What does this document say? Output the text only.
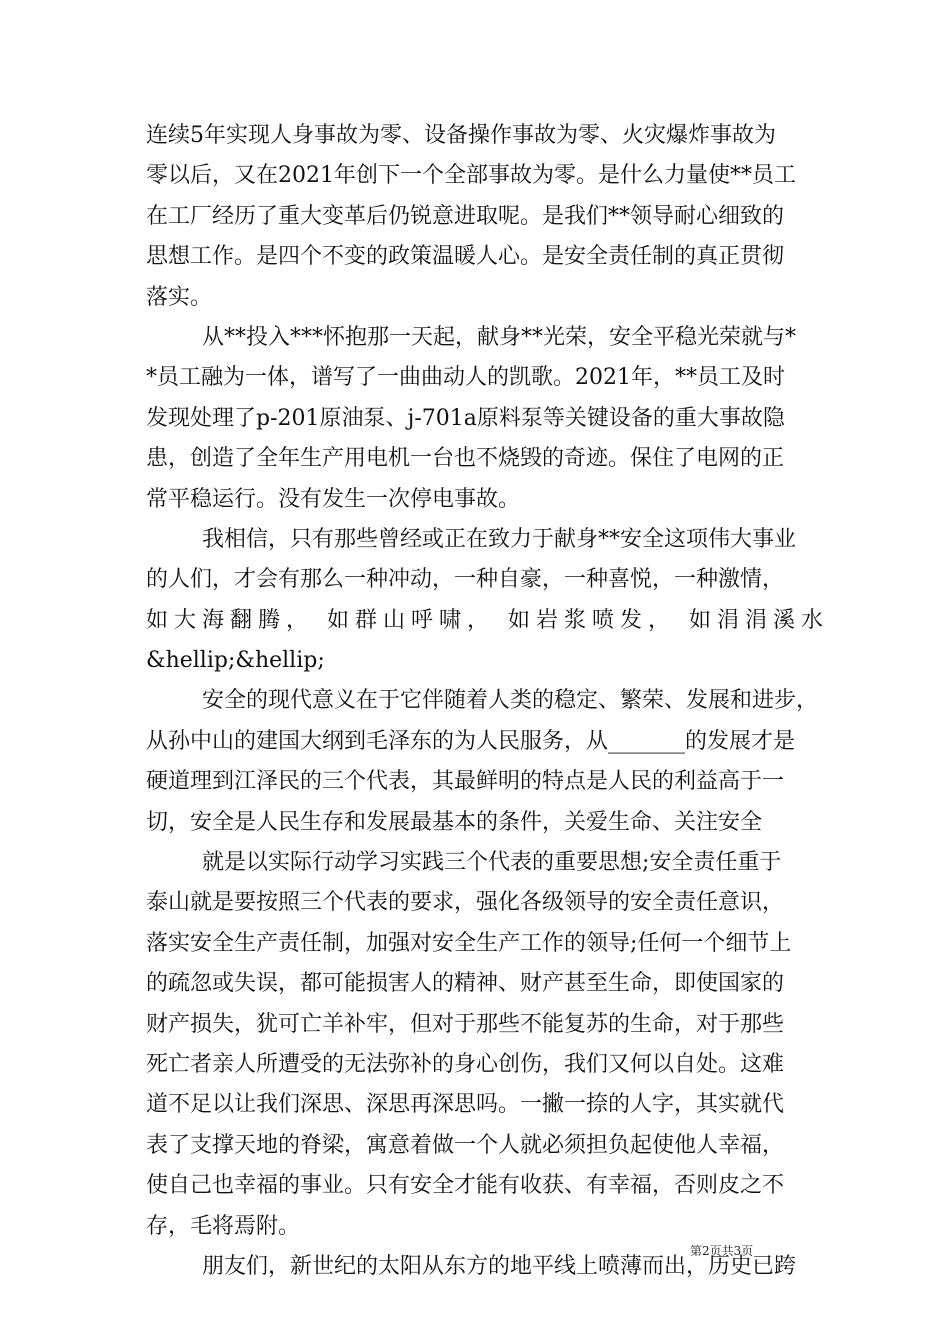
连续5年实现人身事故为零、设备操作事故为零、火灾爆炸事故为
零以后，又在2021年创下一个全部事故为零。是什么力量使**员工
在工厂经历了重大变革后仍锐意进取呢。是我们**领导耐心细致的
思想工作。是四个不变的政策温暖人心。是安全责任制的真正贯彻
落实。
从**投入***怀抱那一天起，献身**光荣，安全平稳光荣就与*
*员工融为一体，谱写了一曲曲动人的凯歌。2021年，**员工及时
发现处理了p-201原油泵、j-701a原料泵等关键设备的重大事故隐
患，创造了全年生产用电机一台也不烧毁的奇迹。保住了电网的正
常平稳运行。没有发生一次停电事故。
我相信，只有那些曾经或正在致力于献身**安全这项伟大事业
的人们，才会有那么一种冲动，一种自豪，一种喜悦，一种激情，
如大海翻腾， 如群山呼啸， 如岩浆喷发， 如涓涓溪水
&hellip;&hellip;
安全的现代意义在于它伴随着人类的稳定、繁荣、发展和进步，
从孙中山的建国大纲到毛泽东的为人民服务，从_______的发展才是
硬道理到江泽民的三个代表，其最鲜明的特点是人民的利益高于一
切，安全是人民生存和发展最基本的条件，关爱生命、关注安全
就是以实际行动学习实践三个代表的重要思想;安全责任重于
泰山就是要按照三个代表的要求，强化各级领导的安全责任意识，
落实安全生产责任制，加强对安全生产工作的领导;任何一个细节上
的疏忽或失误，都可能损害人的精神、财产甚至生命，即使国家的
财产损失，犹可亡羊补牢，但对于那些不能复苏的生命，对于那些
死亡者亲人所遭受的无法弥补的身心创伤，我们又何以自处。这难
道不足以让我们深思、深思再深思吗。一撇一捺的人字，其实就代
表了支撑天地的脊梁，寓意着做一个人就必须担负起使他人幸福，
使自己也幸福的事业。只有安全才能有收获、有幸福，否则皮之不
存，毛将焉附。
朋友们，新世纪的太阳从东方的地平线上喷薄而出，历史已跨
第2页共3页
